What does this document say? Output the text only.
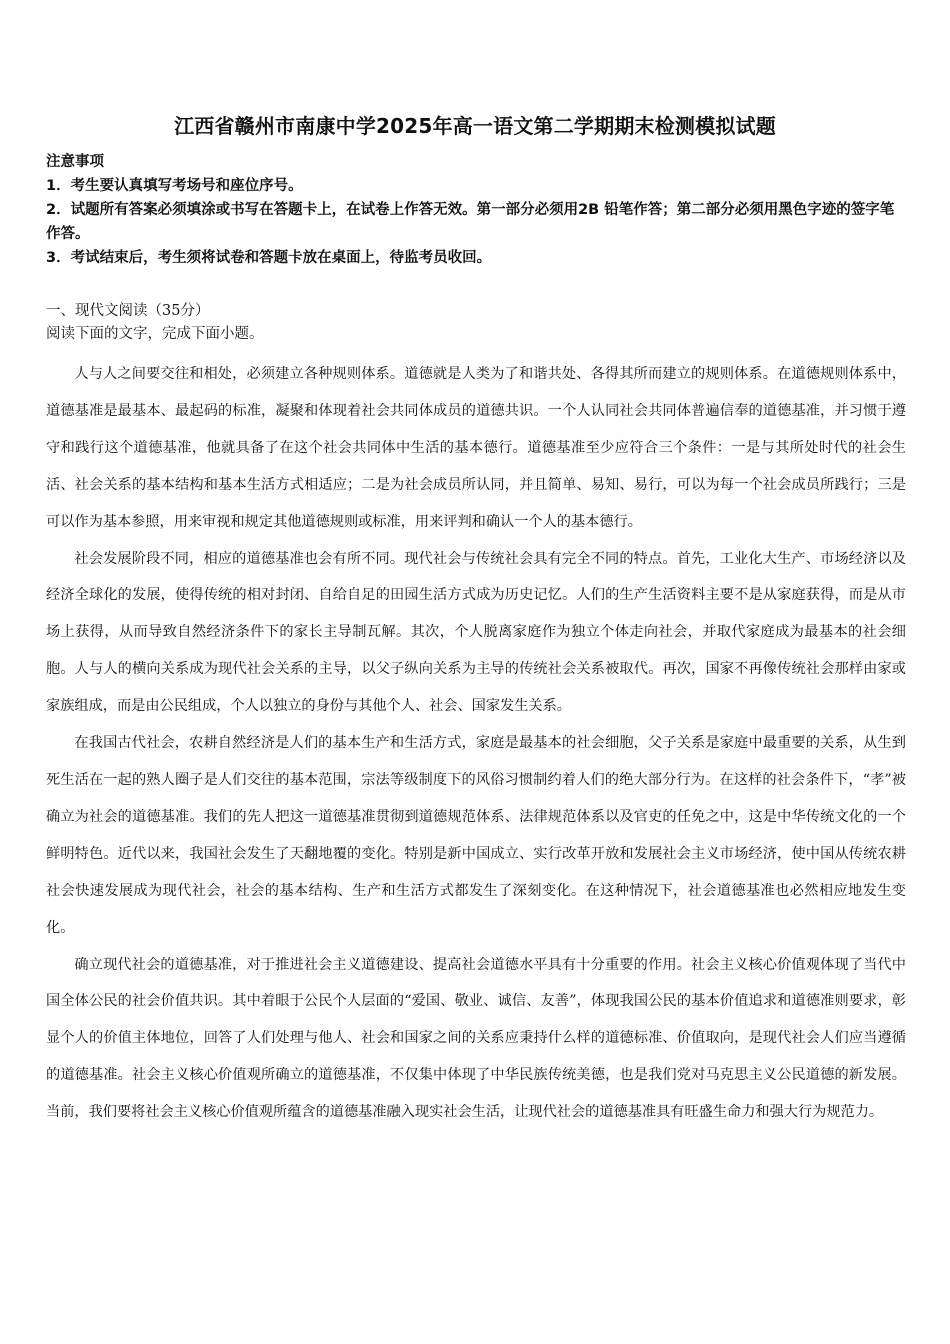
江西省赣州市南康中学2025年高一语文第二学期期末检测模拟试题

注意事项

1．考生要认真填写考场号和座位序号。

2．试题所有答案必须填涂或书写在答题卡上，在试卷上作答无效。第一部分必须用2B 铅笔作答；第二部分必须用黑色字迹的签字笔作答。

3．考试结束后，考生须将试卷和答题卡放在桌面上，待监考员收回。

一、现代文阅读（35分）

阅读下面的文字，完成下面小题。

人与人之间要交往和相处，必须建立各种规则体系。道德就是人类为了和谐共处、各得其所而建立的规则体系。在道德规则体系中，道德基准是最基本、最起码的标准，凝聚和体现着社会共同体成员的道德共识。一个人认同社会共同体普遍信奉的道德基准，并习惯于遵守和践行这个道德基准，他就具备了在这个社会共同体中生活的基本德行。道德基准至少应符合三个条件：一是与其所处时代的社会生活、社会关系的基本结构和基本生活方式相适应；二是为社会成员所认同，并且简单、易知、易行，可以为每一个社会成员所践行；三是可以作为基本参照，用来审视和规定其他道德规则或标准，用来评判和确认一个人的基本德行。

社会发展阶段不同，相应的道德基准也会有所不同。现代社会与传统社会具有完全不同的特点。首先，工业化大生产、市场经济以及经济全球化的发展，使得传统的相对封闭、自给自足的田园生活方式成为历史记忆。人们的生产生活资料主要不是从家庭获得，而是从市场上获得，从而导致自然经济条件下的家长主导制瓦解。其次，个人脱离家庭作为独立个体走向社会，并取代家庭成为最基本的社会细胞。人与人的横向关系成为现代社会关系的主导，以父子纵向关系为主导的传统社会关系被取代。再次，国家不再像传统社会那样由家或家族组成，而是由公民组成，个人以独立的身份与其他个人、社会、国家发生关系。

在我国古代社会，农耕自然经济是人们的基本生产和生活方式，家庭是最基本的社会细胞，父子关系是家庭中最重要的关系，从生到死生活在一起的熟人圈子是人们交往的基本范围，宗法等级制度下的风俗习惯制约着人们的绝大部分行为。在这样的社会条件下，“孝”被确立为社会的道德基准。我们的先人把这一道德基准贯彻到道德规范体系、法律规范体系以及官吏的任免之中，这是中华传统文化的一个鲜明特色。近代以来，我国社会发生了天翻地覆的变化。特别是新中国成立、实行改革开放和发展社会主义市场经济，使中国从传统农耕社会快速发展成为现代社会，社会的基本结构、生产和生活方式都发生了深刻变化。在这种情况下，社会道德基准也必然相应地发生变化。

确立现代社会的道德基准，对于推进社会主义道德建设、提高社会道德水平具有十分重要的作用。社会主义核心价值观体现了当代中国全体公民的社会价值共识。其中着眼于公民个人层面的“爱国、敬业、诚信、友善”，体现我国公民的基本价值追求和道德准则要求，彰显个人的价值主体地位，回答了人们处理与他人、社会和国家之间的关系应秉持什么样的道德标准、价值取向，是现代社会人们应当遵循的道德基准。社会主义核心价值观所确立的道德基准，不仅集中体现了中华民族传统美德，也是我们党对马克思主义公民道德的新发展。当前，我们要将社会主义核心价值观所蕴含的道德基准融入现实社会生活，让现代社会的道德基准具有旺盛生命力和强大行为规范力。
